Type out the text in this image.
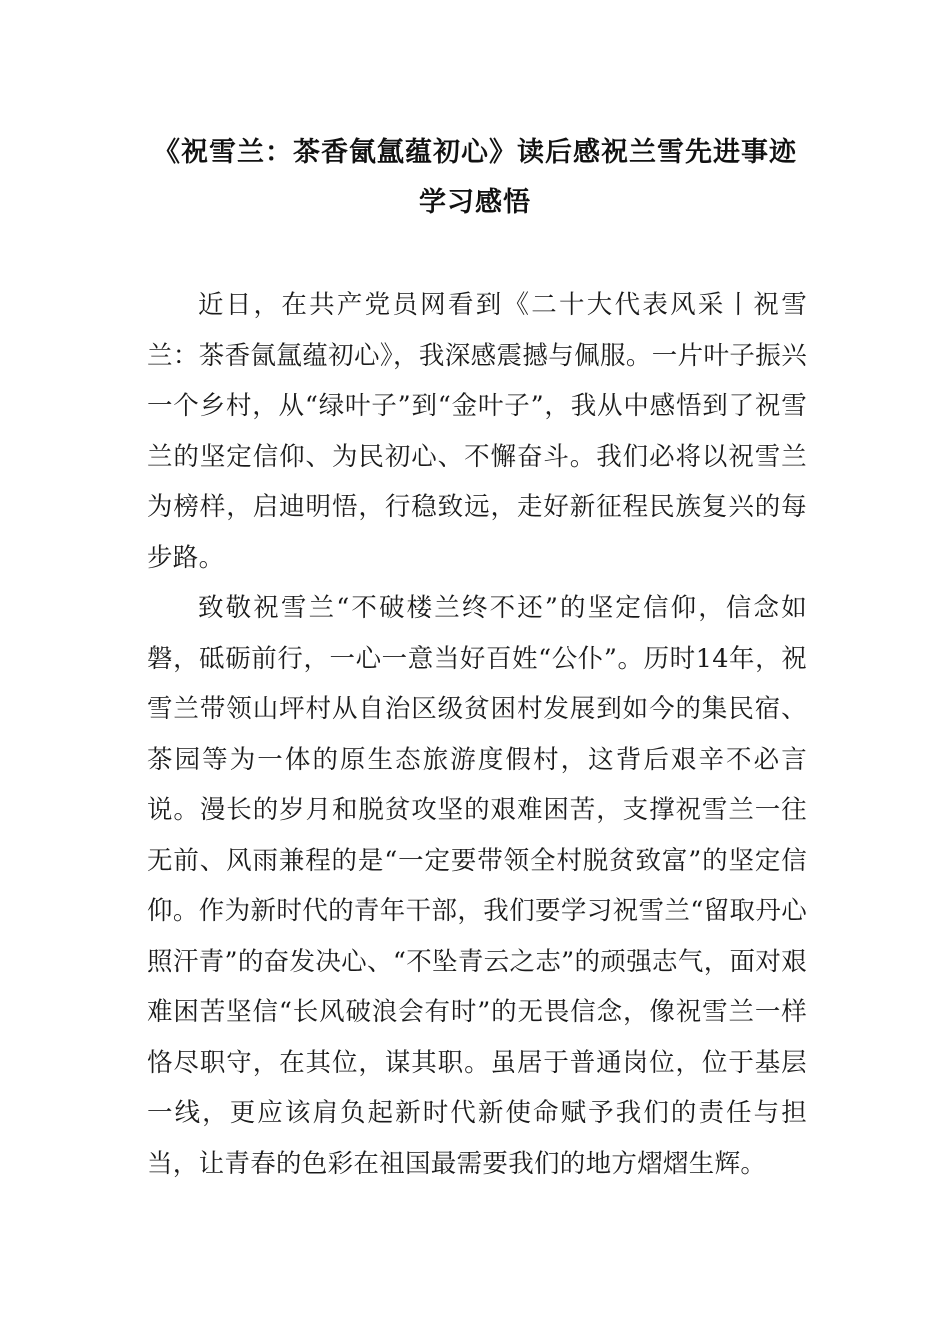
《祝雪兰：茶香氤氲蕴初心》读后感祝兰雪先进事迹学习感悟

近日，在共产党员网看到《二十大代表风采丨祝雪兰：茶香氤氲蕴初心》，我深感震撼与佩服。一片叶子振兴一个乡村，从“绿叶子”到“金叶子”，我从中感悟到了祝雪兰的坚定信仰、为民初心、不懈奋斗。我们必将以祝雪兰为榜样，启迪明悟，行稳致远，走好新征程民族复兴的每步路。

致敬祝雪兰“不破楼兰终不还”的坚定信仰，信念如磐，砥砺前行，一心一意当好百姓“公仆”。历时14年，祝雪兰带领山坪村从自治区级贫困村发展到如今的集民宿、茶园等为一体的原生态旅游度假村，这背后艰辛不必言说。漫长的岁月和脱贫攻坚的艰难困苦，支撑祝雪兰一往无前、风雨兼程的是“一定要带领全村脱贫致富”的坚定信仰。作为新时代的青年干部，我们要学习祝雪兰“留取丹心照汗青”的奋发决心、“不坠青云之志”的顽强志气，面对艰难困苦坚信“长风破浪会有时”的无畏信念，像祝雪兰一样恪尽职守，在其位，谋其职。虽居于普通岗位，位于基层一线，更应该肩负起新时代新使命赋予我们的责任与担当，让青春的色彩在祖国最需要我们的地方熠熠生辉。
